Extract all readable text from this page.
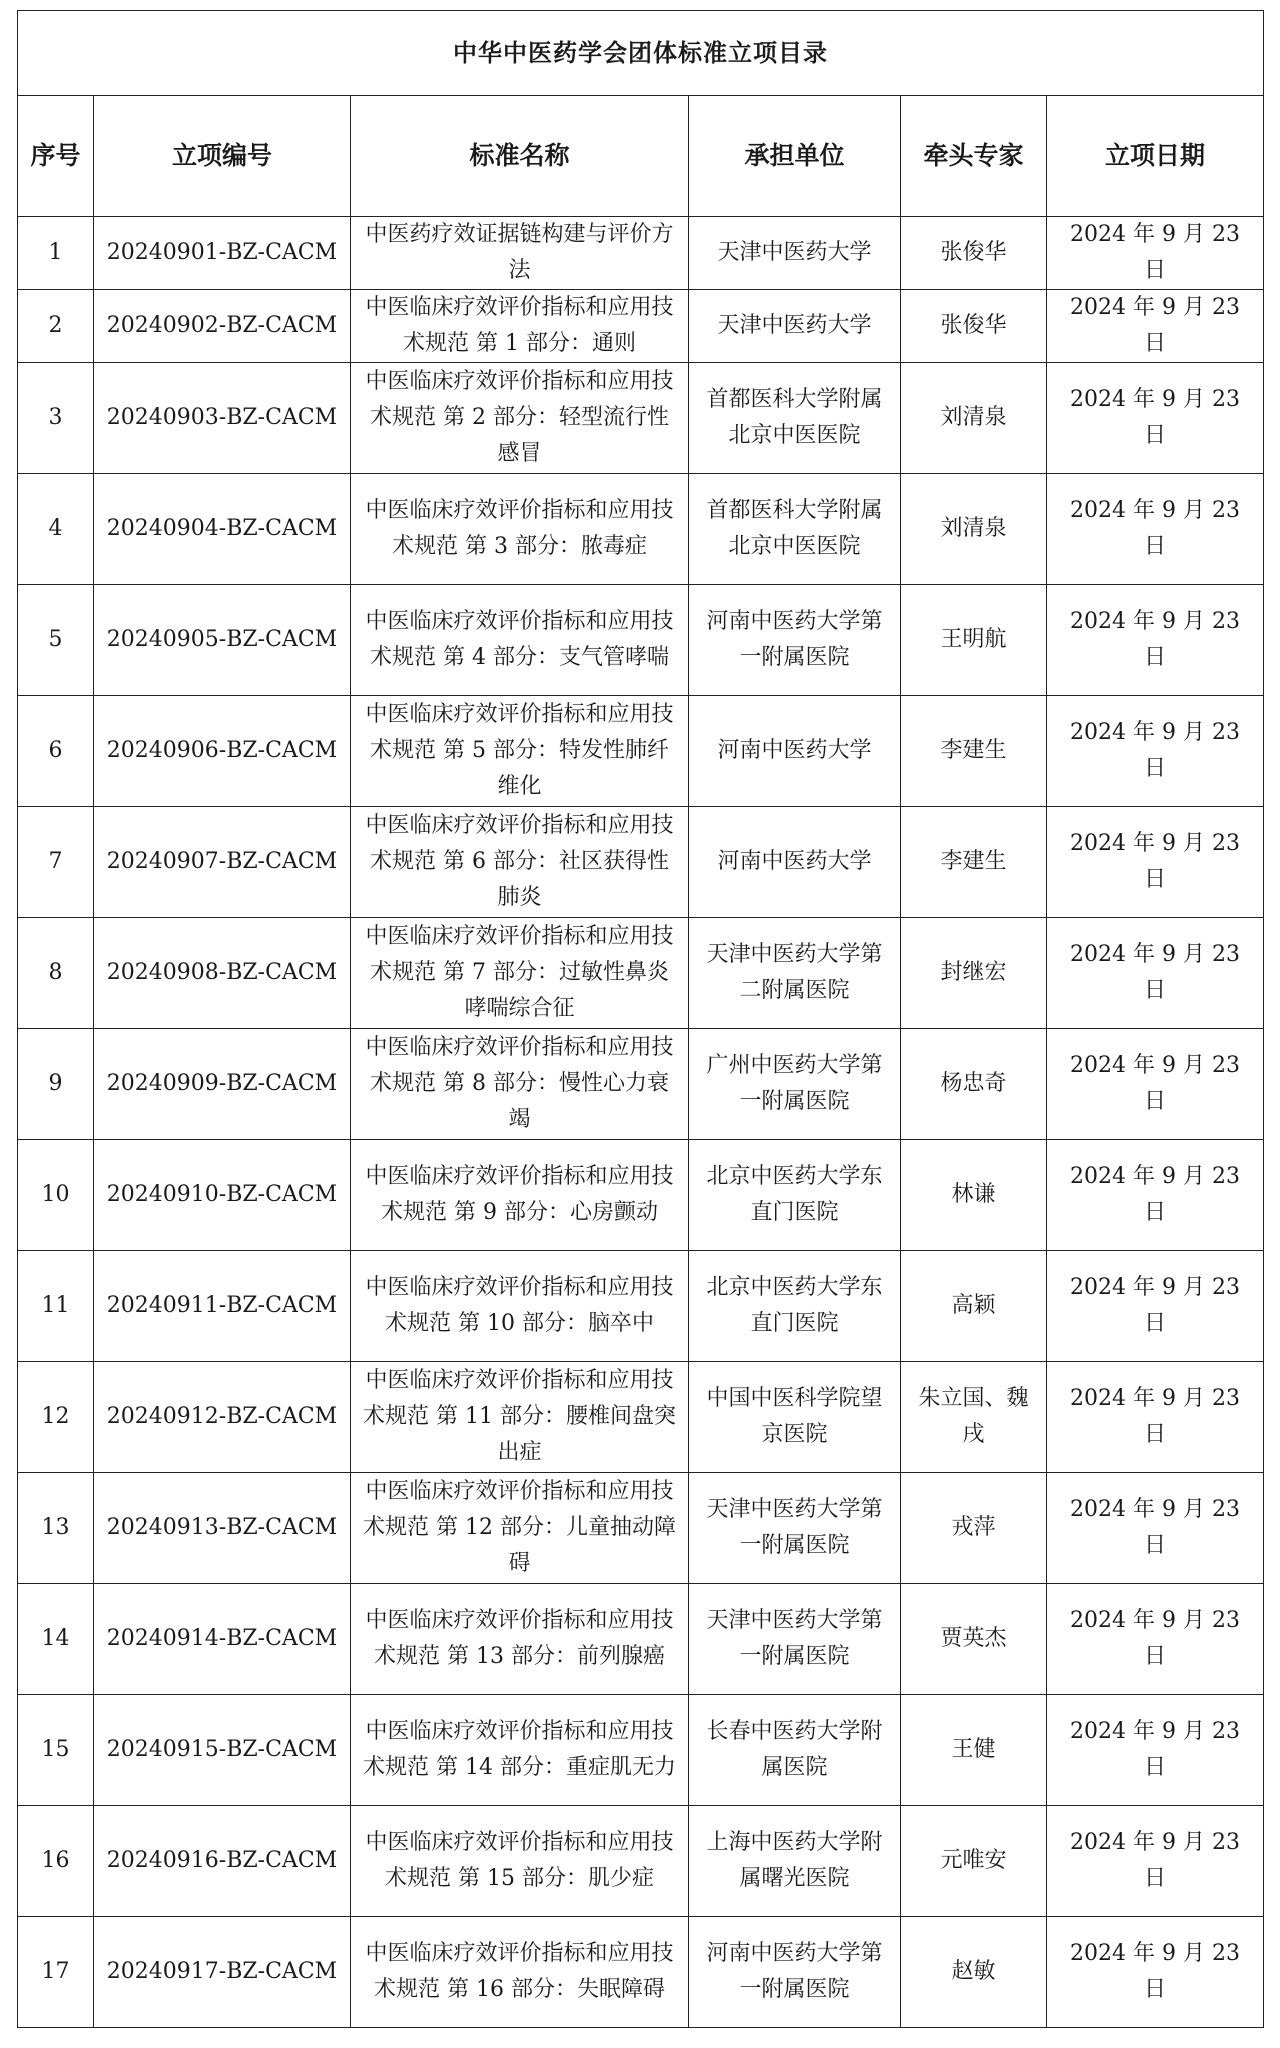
中华中医药学会团体标准立项目录					
序号	立项编号	标准名称	承担单位	牵头专家	立项日期
1	20240901-BZ-CACM	中医药疗效证据链构建与评价方法	天津中医药大学	张俊华	2024 年 9 月 23 日
2	20240902-BZ-CACM	中医临床疗效评价指标和应用技术规范 第 1 部分：通则	天津中医药大学	张俊华	2024 年 9 月 23 日
3	20240903-BZ-CACM	中医临床疗效评价指标和应用技术规范 第 2 部分：轻型流行性感冒	首都医科大学附属北京中医医院	刘清泉	2024 年 9 月 23 日
4	20240904-BZ-CACM	中医临床疗效评价指标和应用技术规范 第 3 部分：脓毒症	首都医科大学附属北京中医医院	刘清泉	2024 年 9 月 23 日
5	20240905-BZ-CACM	中医临床疗效评价指标和应用技术规范 第 4 部分：支气管哮喘	河南中医药大学第一附属医院	王明航	2024 年 9 月 23 日
6	20240906-BZ-CACM	中医临床疗效评价指标和应用技术规范 第 5 部分：特发性肺纤维化	河南中医药大学	李建生	2024 年 9 月 23 日
7	20240907-BZ-CACM	中医临床疗效评价指标和应用技术规范 第 6 部分：社区获得性肺炎	河南中医药大学	李建生	2024 年 9 月 23 日
8	20240908-BZ-CACM	中医临床疗效评价指标和应用技术规范 第 7 部分：过敏性鼻炎哮喘综合征	天津中医药大学第二附属医院	封继宏	2024 年 9 月 23 日
9	20240909-BZ-CACM	中医临床疗效评价指标和应用技术规范 第 8 部分：慢性心力衰竭	广州中医药大学第一附属医院	杨忠奇	2024 年 9 月 23 日
10	20240910-BZ-CACM	中医临床疗效评价指标和应用技术规范 第 9 部分：心房颤动	北京中医药大学东直门医院	林谦	2024 年 9 月 23 日
11	20240911-BZ-CACM	中医临床疗效评价指标和应用技术规范 第 10 部分：脑卒中	北京中医药大学东直门医院	高颖	2024 年 9 月 23 日
12	20240912-BZ-CACM	中医临床疗效评价指标和应用技术规范 第 11 部分：腰椎间盘突出症	中国中医科学院望京医院	朱立国、魏戌	2024 年 9 月 23 日
13	20240913-BZ-CACM	中医临床疗效评价指标和应用技术规范 第 12 部分：儿童抽动障碍	天津中医药大学第一附属医院	戎萍	2024 年 9 月 23 日
14	20240914-BZ-CACM	中医临床疗效评价指标和应用技术规范 第 13 部分：前列腺癌	天津中医药大学第一附属医院	贾英杰	2024 年 9 月 23 日
15	20240915-BZ-CACM	中医临床疗效评价指标和应用技术规范 第 14 部分：重症肌无力	长春中医药大学附属医院	王健	2024 年 9 月 23 日
16	20240916-BZ-CACM	中医临床疗效评价指标和应用技术规范 第 15 部分：肌少症	上海中医药大学附属曙光医院	元唯安	2024 年 9 月 23 日
17	20240917-BZ-CACM	中医临床疗效评价指标和应用技术规范 第 16 部分：失眠障碍	河南中医药大学第一附属医院	赵敏	2024 年 9 月 23 日
